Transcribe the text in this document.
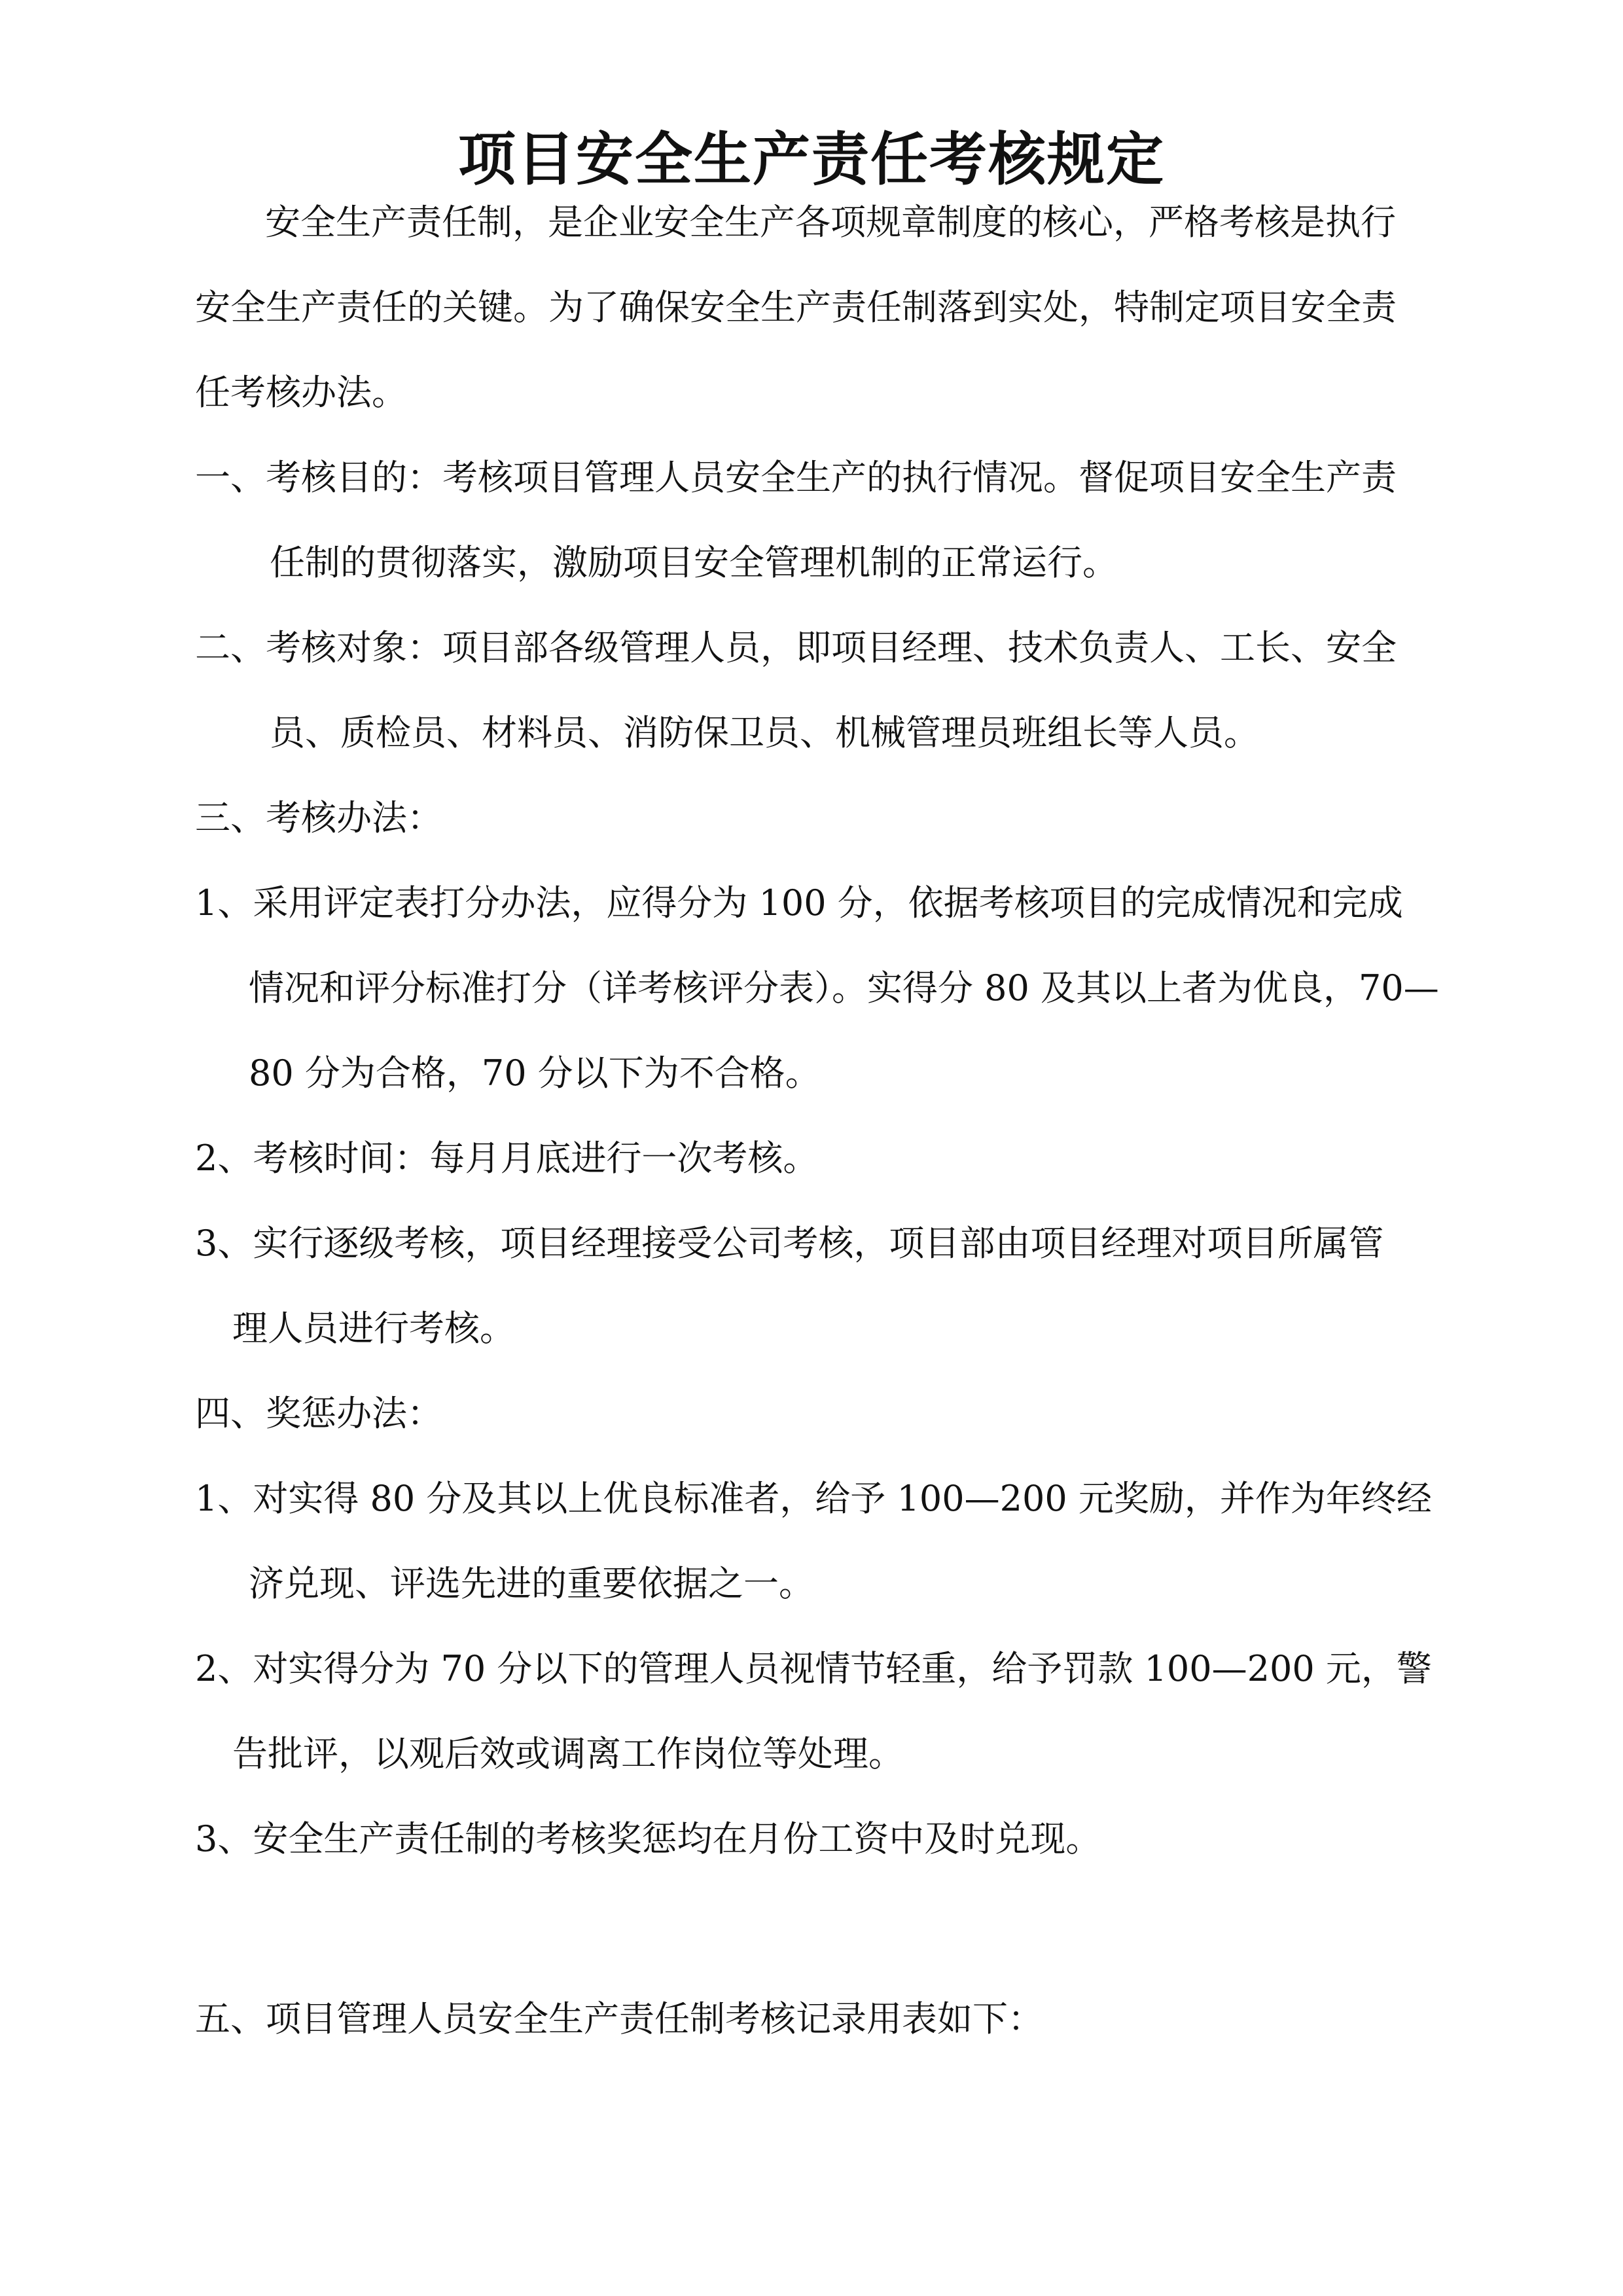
项目安全生产责任考核规定
安全生产责任制，是企业安全生产各项规章制度的核心，严格考核是执行
安全生产责任的关键。为了确保安全生产责任制落到实处，特制定项目安全责
任考核办法。
一、考核目的：考核项目管理人员安全生产的执行情况。督促项目安全生产责
任制的贯彻落实，激励项目安全管理机制的正常运行。
二、考核对象：项目部各级管理人员，即项目经理、技术负责人、工长、安全
员、质检员、材料员、消防保卫员、机械管理员班组长等人员。
三、考核办法：
1、采用评定表打分办法，应得分为 100 分，依据考核项目的完成情况和完成
情况和评分标准打分（详考核评分表）。实得分 80 及其以上者为优良，70—
80 分为合格，70 分以下为不合格。
2、考核时间：每月月底进行一次考核。
3、实行逐级考核，项目经理接受公司考核，项目部由项目经理对项目所属管
理人员进行考核。
四、奖惩办法：
1、对实得 80 分及其以上优良标准者，给予 100—200 元奖励，并作为年终经
济兑现、评选先进的重要依据之一。
2、对实得分为 70 分以下的管理人员视情节轻重，给予罚款 100—200 元，警
告批评，以观后效或调离工作岗位等处理。
3、安全生产责任制的考核奖惩均在月份工资中及时兑现。
五、项目管理人员安全生产责任制考核记录用表如下：
